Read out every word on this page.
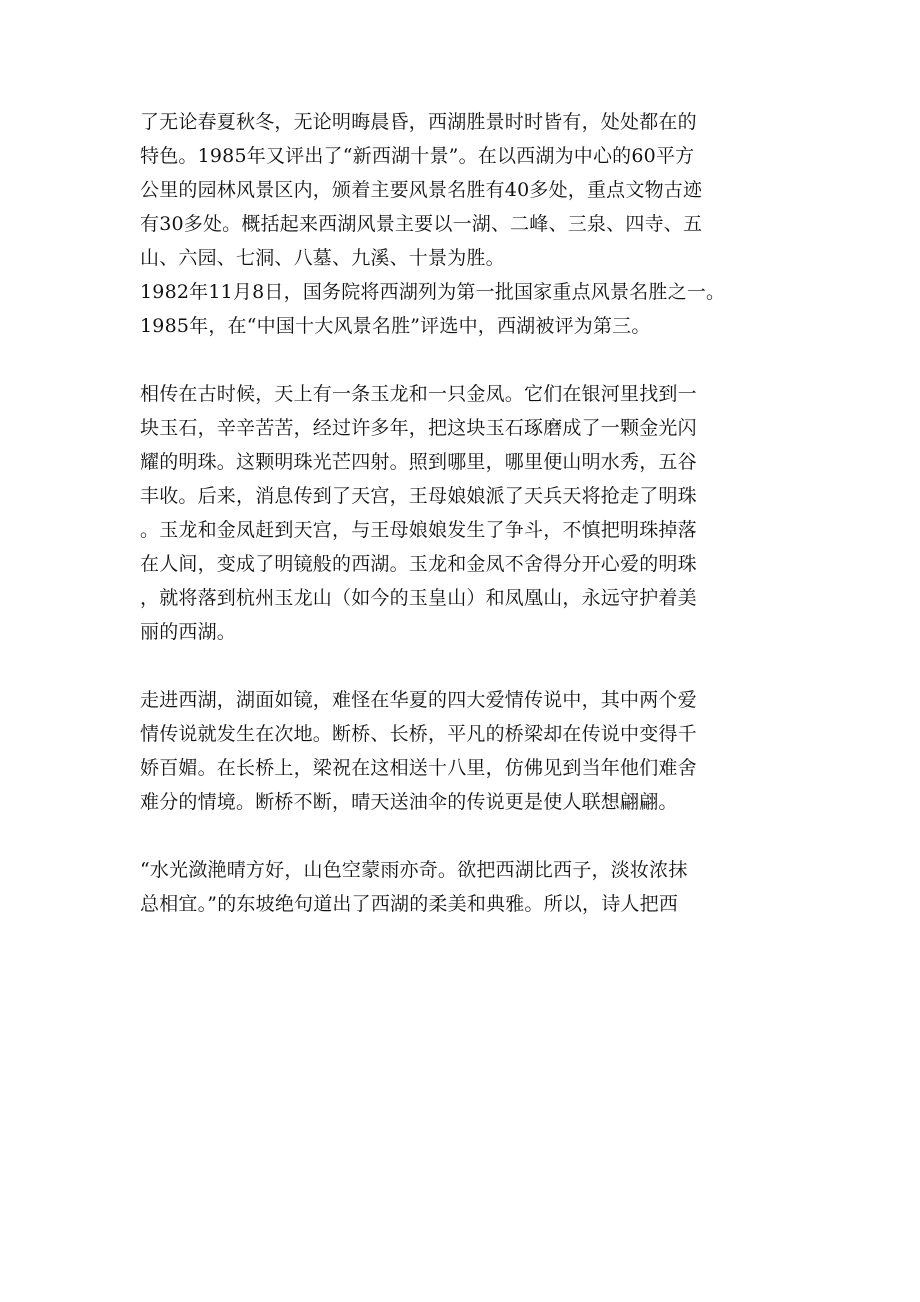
了无论春夏秋冬，无论明晦晨昏，西湖胜景时时皆有，处处都在的
特色。1985年又评出了“新西湖十景”。在以西湖为中心的60平方
公里的园林风景区内，颁着主要风景名胜有40多处，重点文物古迹
有30多处。概括起来西湖风景主要以一湖、二峰、三泉、四寺、五
山、六园、七洞、八墓、九溪、十景为胜。
1982年11月8日，国务院将西湖列为第一批国家重点风景名胜之一。
1985年，在“中国十大风景名胜”评选中，西湖被评为第三。
相传在古时候，天上有一条玉龙和一只金凤。它们在银河里找到一
块玉石，辛辛苦苦，经过许多年，把这块玉石琢磨成了一颗金光闪
耀的明珠。这颗明珠光芒四射。照到哪里，哪里便山明水秀，五谷
丰收。后来，消息传到了天宫，王母娘娘派了天兵天将抢走了明珠
。玉龙和金凤赶到天宫，与王母娘娘发生了争斗，不慎把明珠掉落
在人间，变成了明镜般的西湖。玉龙和金凤不舍得分开心爱的明珠
，就将落到杭州玉龙山（如今的玉皇山）和凤凰山，永远守护着美
丽的西湖。
走进西湖，湖面如镜，难怪在华夏的四大爱情传说中，其中两个爱
情传说就发生在次地。断桥、长桥，平凡的桥梁却在传说中变得千
娇百媚。在长桥上，梁祝在这相送十八里，仿佛见到当年他们难舍
难分的情境。断桥不断，晴天送油伞的传说更是使人联想翩翩。
“水光潋滟晴方好，山色空蒙雨亦奇。欲把西湖比西子，淡妆浓抹
总相宜。”的东坡绝句道出了西湖的柔美和典雅。所以，诗人把西
